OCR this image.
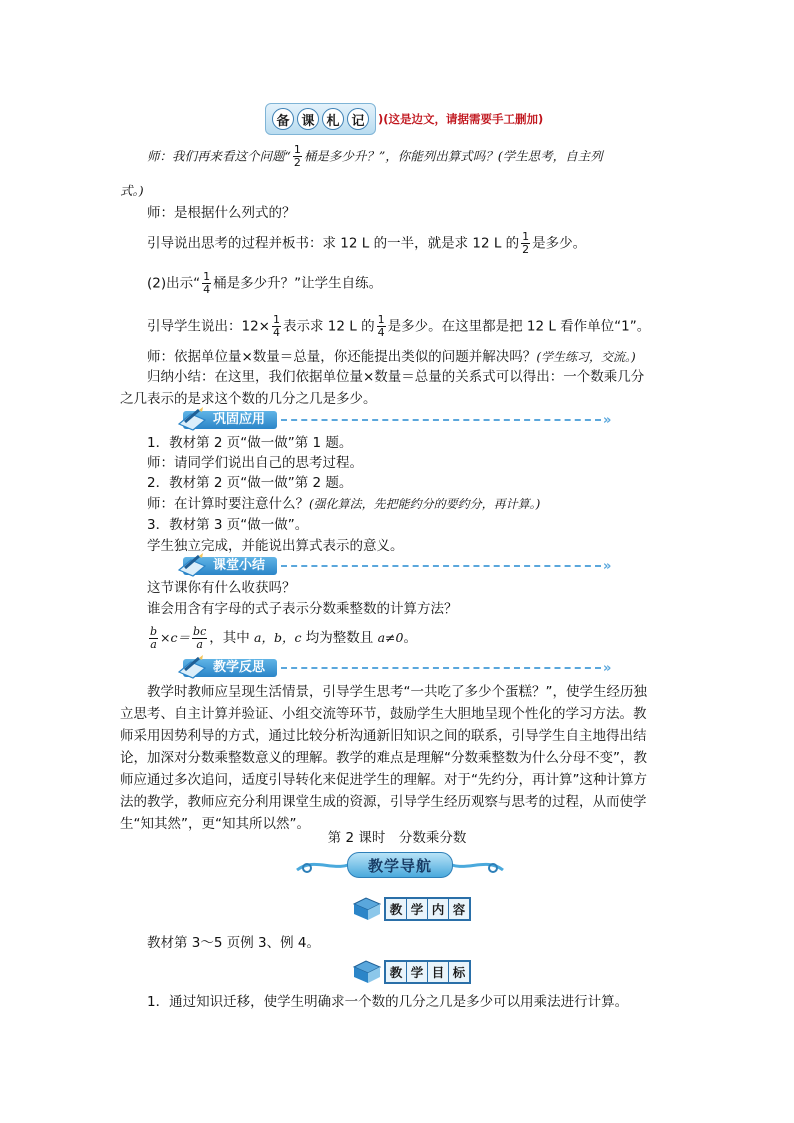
备 课 札 记	)(这是边文，请据需要手工删加)
师：我们再来看这个问题“ $\frac{1}{2}$ 桶是多少升？”，你能列出算式吗？(学生思考，自主列
式。)
师：是根据什么列式的？
引导说出思考的过程并板书：求 12 L 的一半，就是求 12 L 的 $\frac{1}{2}$ 是多少。
(2)出示“ $\frac{1}{4}$ 桶是多少升？”让学生自练。
引导学生说出：$12\times \frac{1}{4}$ 表示求 12 L 的 $\frac{1}{4}$ 是多少。在这里都是把 12 L 看作单位“1”。
师：依据单位量×数量＝总量，你还能提出类似的问题并解决吗？(学生练习，交流。)
归纳小结：在这里，我们依据单位量×数量＝总量的关系式可以得出：一个数乘几分之几表示的是求这个数的几分之几是多少。
巩固应用	»
1．教材第 2 页“做一做”第 1 题。
师：请同学们说出自己的思考过程。
2．教材第 2 页“做一做”第 2 题。
师：在计算时要注意什么？(强化算法，先把能约分的要约分，再计算。)
3．教材第 3 页“做一做”。
学生独立完成，并能说出算式表示的意义。
课堂小结	»
这节课你有什么收获吗？
谁会用含有字母的式子表示分数乘整数的计算方法？
$\frac{b}{a} \times c= \frac{bc}{a}$ ，其中 a，b，c 均为整数且 a≠0。
教学反思	»
教学时教师应呈现生活情景，引导学生思考“一共吃了多少个蛋糕？”，使学生经历独立思考、自主计算并验证、小组交流等环节，鼓励学生大胆地呈现个性化的学习方法。教师采用因势利导的方式，通过比较分析沟通新旧知识之间的联系，引导学生自主地得出结论，加深对分数乘整数意义的理解。教学的难点是理解“分数乘整数为什么分母不变”，教师应通过多次追问，适度引导转化来促进学生的理解。对于“先约分，再计算”这种计算方法的教学，教师应充分利用课堂生成的资源，引导学生经历观察与思考的过程，从而使学生“知其然”，更“知其所以然”。
第 2 课时　分数乘分数
教学导航
教 学 内 容
教材第 3～5 页例 3、例 4。
教 学 目 标
1．通过知识迁移，使学生明确求一个数的几分之几是多少可以用乘法进行计算。
